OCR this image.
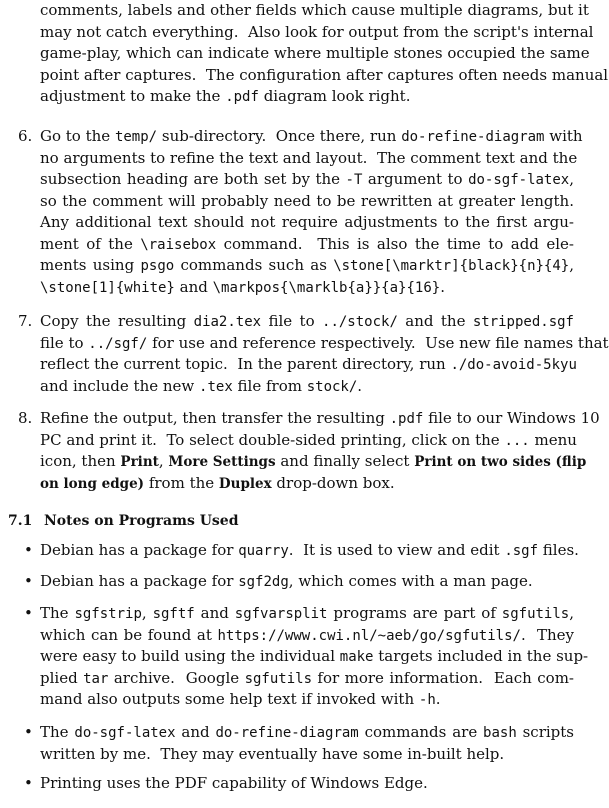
comments, labels and other fields which cause multiple diagrams, but it
may not catch everything.  Also look for output from the script's internal
game-play, which can indicate where multiple stones occupied the same
point after captures.  The configuration after captures often needs manual
adjustment to make the .pdf diagram look right.
6. Go to the temp/ sub-directory.  Once there, run do-refine-diagram with
no arguments to refine the text and layout.  The comment text and the
subsection heading are both set by the -T argument to do-sgf-latex,
so the comment will probably need to be rewritten at greater length.
Any additional text should not require adjustments to the first argu-
ment of the \raisebox command.  This is also the time to add ele-
ments using psgo commands such as \stone[\marktr]{black}{n}{4},
\stone[1]{white} and \markpos{\marklb{a}}{a}{16}.
7. Copy the resulting dia2.tex file to ../stock/ and the stripped.sgf
file to ../sgf/ for use and reference respectively.  Use new file names that
reflect the current topic.  In the parent directory, run ./do-avoid-5kyu
and include the new .tex file from stock/.
8. Refine the output, then transfer the resulting .pdf file to our Windows 10
PC and print it.  To select double-sided printing, click on the ... menu
icon, then Print, More Settings and finally select Print on two sides (flip
on long edge) from the Duplex drop-down box.
7.1 Notes on Programs Used
• Debian has a package for quarry.  It is used to view and edit .sgf files.
• Debian has a package for sgf2dg, which comes with a man page.
• The sgfstrip, sgftf and sgfvarsplit programs are part of sgfutils,
which can be found at https://www.cwi.nl/~aeb/go/sgfutils/.  They
were easy to build using the individual make targets included in the sup-
plied tar archive.  Google sgfutils for more information.  Each com-
mand also outputs some help text if invoked with -h.
• The do-sgf-latex and do-refine-diagram commands are bash scripts
written by me.  They may eventually have some in-built help.
• Printing uses the PDF capability of Windows Edge.
